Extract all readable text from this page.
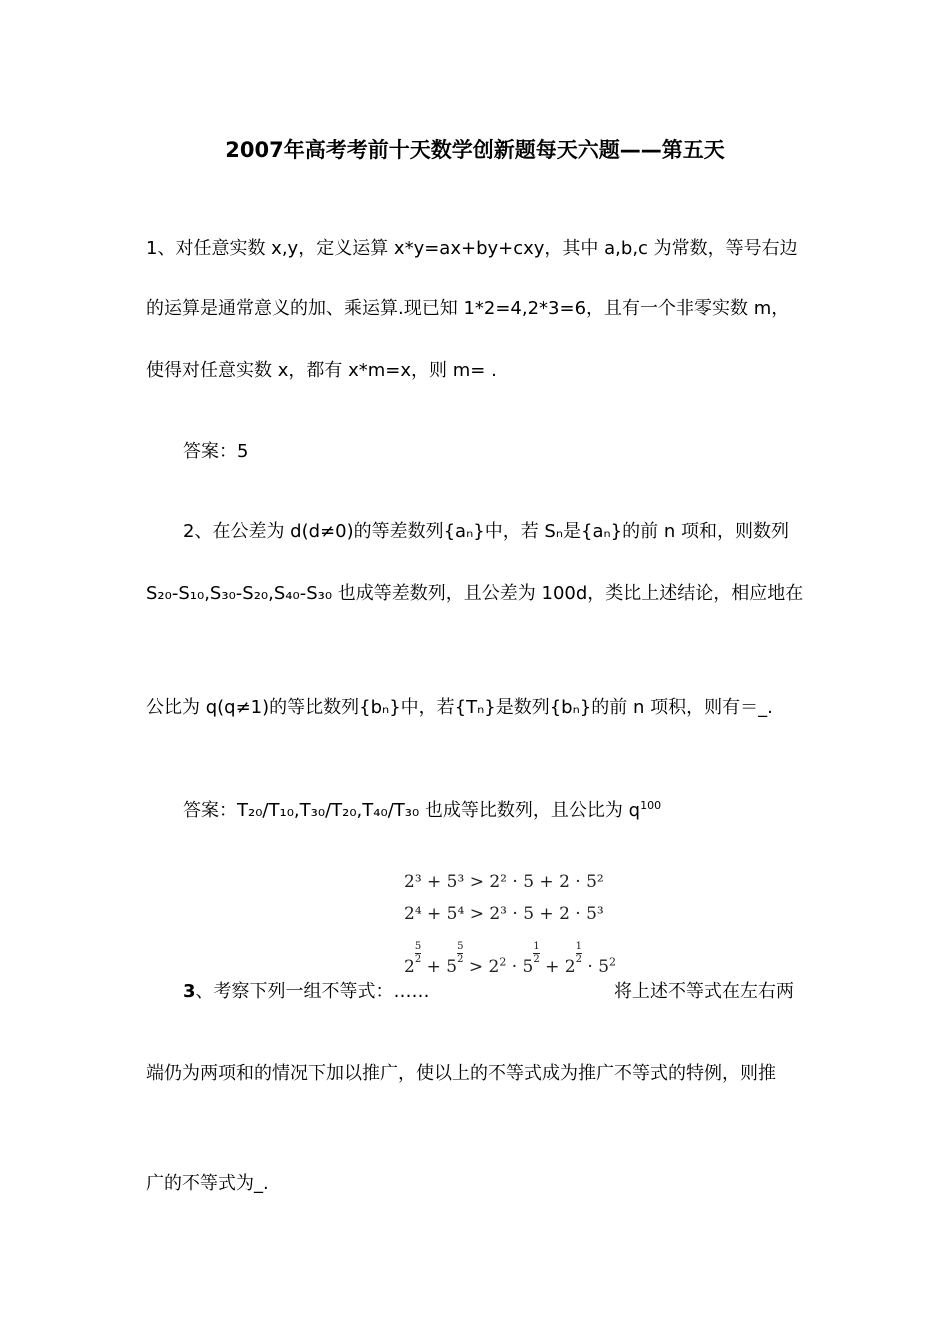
2007年高考考前十天数学创新题每天六题——第五天
1、对任意实数 x,y，定义运算 x*y=ax+by+cxy，其中 a,b,c 为常数，等号右边
的运算是通常意义的加、乘运算.现已知 1*2=4,2*3=6，且有一个非零实数 m，
使得对任意实数 x，都有 x*m=x，则 m= .
答案：5
2、在公差为 d(d≠0)的等差数列{aₙ}中，若 Sₙ是{aₙ}的前 n 项和，则数列
S₂₀-S₁₀,S₃₀-S₂₀,S₄₀-S₃₀ 也成等差数列，且公差为 100d，类比上述结论，相应地在
公比为 q(q≠1)的等比数列{bₙ}中，若{Tₙ}是数列{bₙ}的前 n 项积，则有＝_.
答案：T₂₀/T₁₀,T₃₀/T₂₀,T₄₀/T₃₀ 也成等比数列，且公比为 $q^{100}$
2³ + 5³ > 2² · 5 + 2 · 5²
2⁴ + 5⁴ > 2³ · 5 + 2 · 5³
2
$\frac{5}{2}$
+ 5
$\frac{5}{2}$
> $2^2 \cdot 5$
$\frac{1}{2}$
+ 2
$\frac{1}{2}$
· $5^2$
3、考察下列一组不等式：……	将上述不等式在左右两
端仍为两项和的情况下加以推广，使以上的不等式成为推广不等式的特例，则推
广的不等式为_.
